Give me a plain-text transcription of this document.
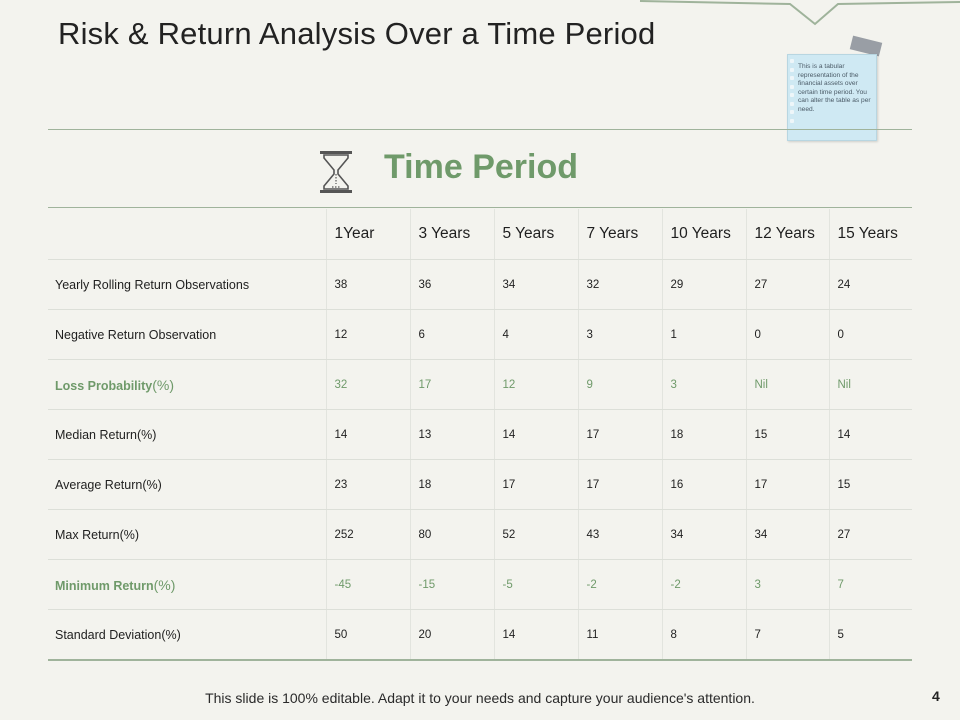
Risk & Return Analysis Over a Time Period
This is a tabular representation of the financial assets over certain time period. You can alter the table as per need.
Time Period
	1Year	3 Years	5 Years	7 Years	10 Years	12 Years	15 Years
Yearly Rolling Return Observations	38	36	34	32	29	27	24
Negative Return Observation	12	6	4	3	1	0	0
Loss Probability(%)	32	17	12	9	3	Nil	Nil
Median Return(%)	14	13	14	17	18	15	14
Average Return(%)	23	18	17	17	16	17	15
Max Return(%)	252	80	52	43	34	34	27
Minimum Return(%)	-45	-15	-5	-2	-2	3	7
Standard Deviation(%)	50	20	14	11	8	7	5
This slide is 100% editable. Adapt it to your needs and capture your audience's attention.	4
